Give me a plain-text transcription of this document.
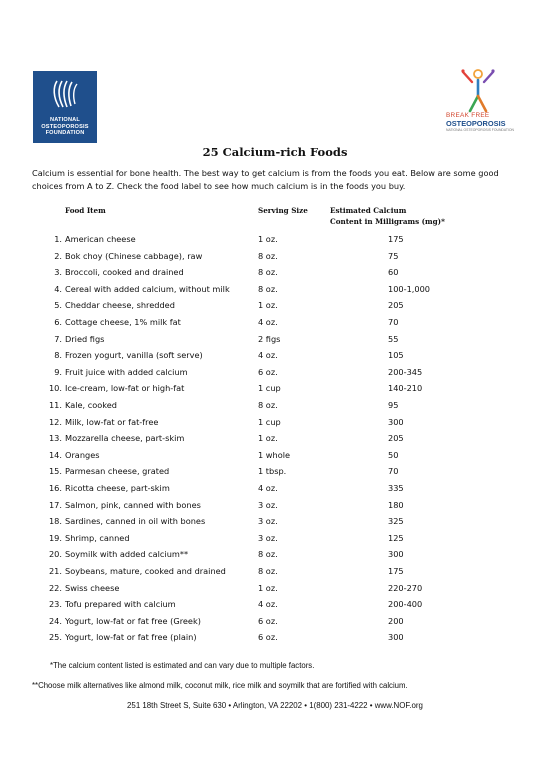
NATIONAL
OSTEOPOROSIS
FOUNDATION
BREAK FREE
OSTEOPOROSIS
NATIONAL OSTEOPOROSIS FOUNDATION
25 Calcium-rich Foods
Calcium is essential for bone health. The best way to get calcium is from the foods you eat. Below are some good choices from A to Z. Check the food label to see how much calcium is in the foods you buy.
Food Item	Serving Size	Estimated Calcium
Content in Milligrams (mg)*
1. American cheese	1 oz.	175
2. Bok choy (Chinese cabbage), raw	8 oz.	75
3. Broccoli, cooked and drained	8 oz.	60
4. Cereal with added calcium, without milk	8 oz.	100-1,000
5. Cheddar cheese, shredded	1 oz.	205
6. Cottage cheese, 1% milk fat	4 oz.	70
7. Dried figs	2 figs	55
8. Frozen yogurt, vanilla (soft serve)	4 oz.	105
9. Fruit juice with added calcium	6 oz.	200-345
10. Ice-cream, low-fat or high-fat	1 cup	140-210
11. Kale, cooked	8 oz.	95
12. Milk, low-fat or fat-free	1 cup	300
13. Mozzarella cheese, part-skim	1 oz.	205
14. Oranges	1 whole	50
15. Parmesan cheese, grated	1 tbsp.	70
16. Ricotta cheese, part-skim	4 oz.	335
17. Salmon, pink, canned with bones	3 oz.	180
18. Sardines, canned in oil with bones	3 oz.	325
19. Shrimp, canned	3 oz.	125
20. Soymilk with added calcium**	8 oz.	300
21. Soybeans, mature, cooked and drained	8 oz.	175
22. Swiss cheese	1 oz.	220-270
23. Tofu prepared with calcium	4 oz.	200-400
24. Yogurt, low-fat or fat free (Greek)	6 oz.	200
25. Yogurt, low-fat or fat free (plain)	6 oz.	300
*The calcium content listed is estimated and can vary due to multiple factors.
**Choose milk alternatives like almond milk, coconut milk, rice milk and soymilk that are fortified with calcium.
251 18th Street S, Suite 630 • Arlington, VA 22202 • 1(800) 231-4222 • www.NOF.org
